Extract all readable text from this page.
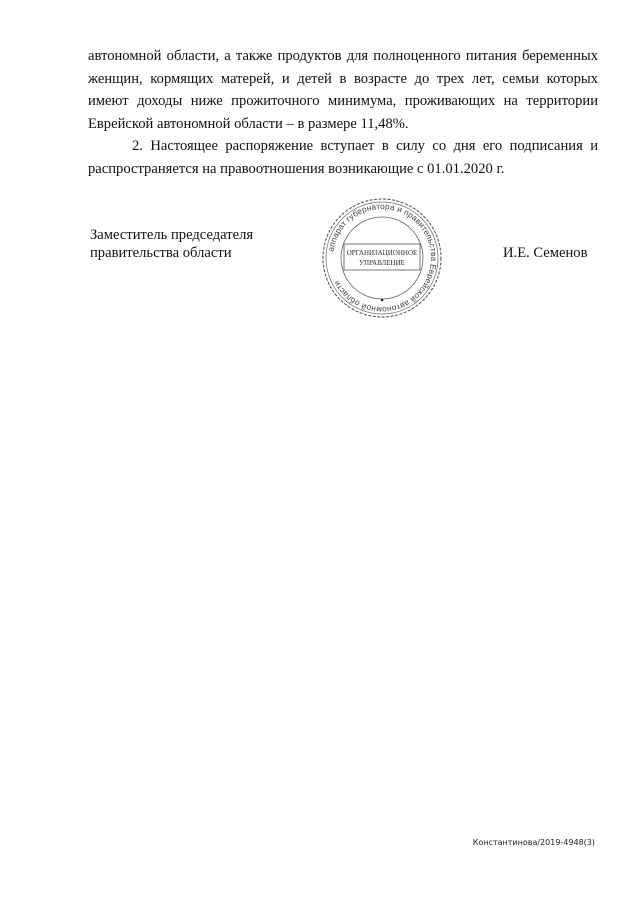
автономной области, а также продуктов для полноценного питания беременных женщин, кормящих матерей, и детей в возрасте до трех лет, семьи которых имеют доходы ниже прожиточного минимума, проживающих на территории Еврейской автономной области – в размере 11,48%.

2. Настоящее распоряжение вступает в силу со дня его подписания и распространяется на правоотношения возникающие с 01.01.2020 г.

Заместитель председателя
правительства области	аппарат губернатора и правительства Еврейской автономной области
ОРГАНИЗАЦИОННОЕ
УПРАВЛЕНИЕ
И.Е. Семенов
Константинова/2019-4948(3)
